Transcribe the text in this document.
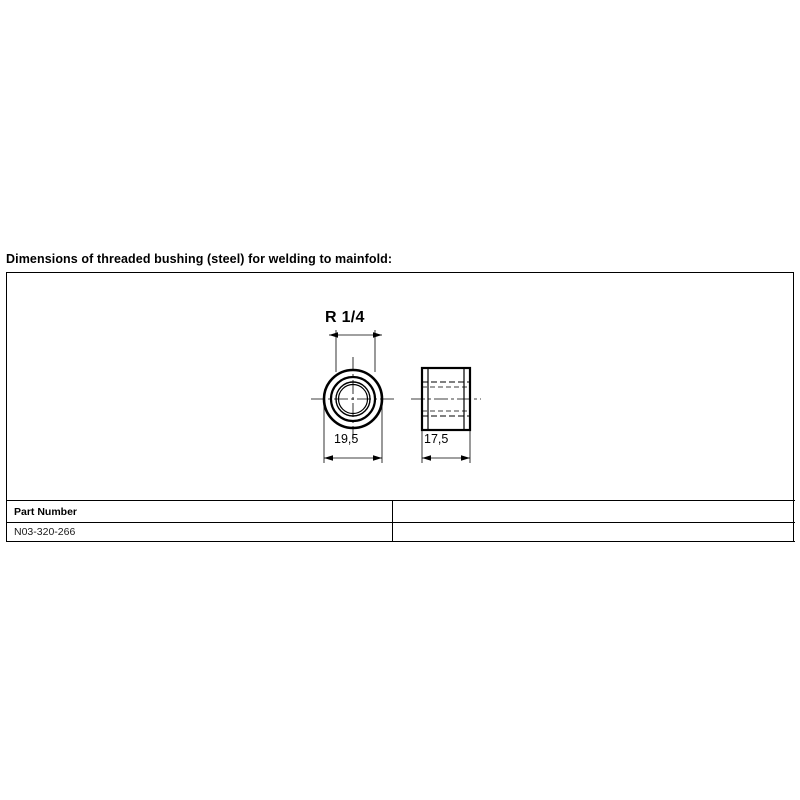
Dimensions of threaded bushing (steel) for welding to mainfold:
R 1/4
19,5	17,5
Part Number
N03-320-266
